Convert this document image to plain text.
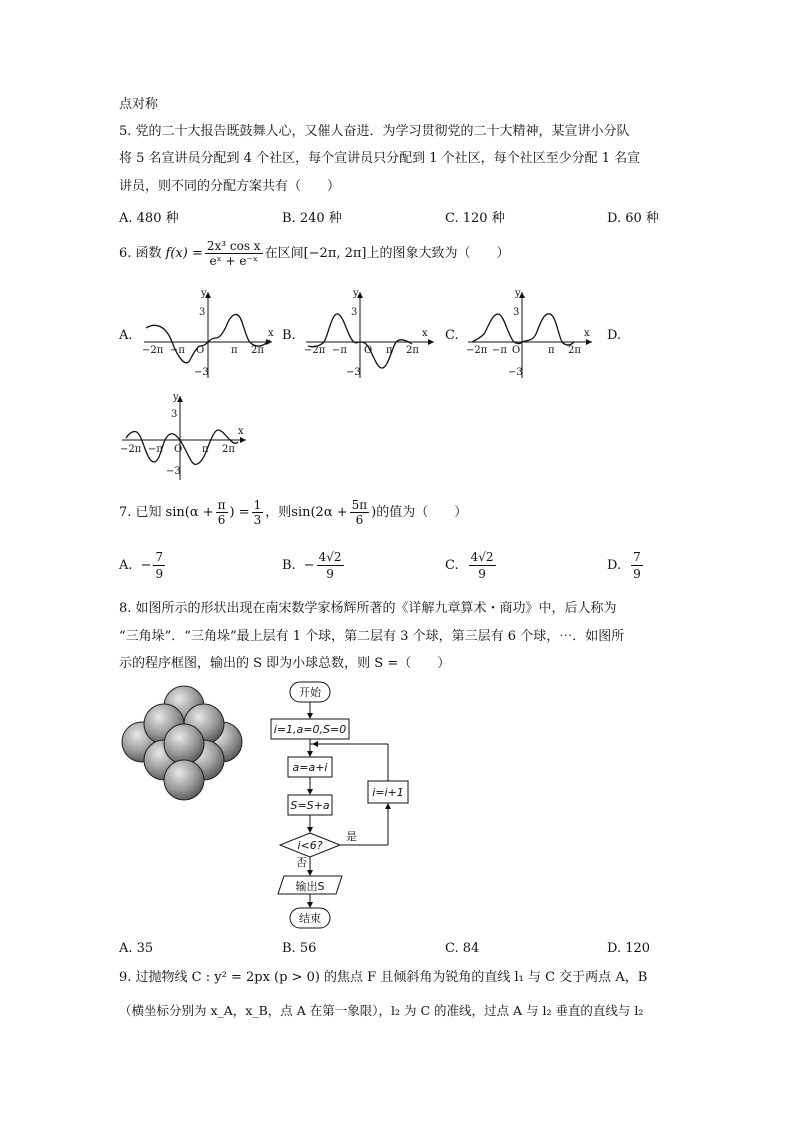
点对称
5. 党的二十大报告既鼓舞人心，又催人奋进．为学习贯彻党的二十大精神，某宣讲小分队
将 5 名宣讲员分配到 4 个社区，每个宣讲员只分配到 1 个社区，每个社区至少分配 1 名宣
讲员，则不同的分配方案共有（　　）
A. 480 种	B. 240 种	C. 120 种	D. 60 种
6. 函数 $f(x) = \frac{\text{2x³ cos x}}{\text{eˣ + e⁻ˣ}}$ 在区间[−2π, 2π]上的图象大致为（　　）
A.	B.	C.	D.
y
x
3
−3
O
−2π −π	π 2π
y
x
3
−3
O
−2π −π	π 2π
y
x
3
−3
O
−2π −π	π 2π
y
x
3
−3
O
−2π −π	π 2π
7. 已知 $\sin(\alpha + \frac{\pi}{6}$ ) = $\frac{1}{3}$ ，则 $\sin(2\alpha + \frac{5\pi}{6}$ ) 的值为（　　）
A. − $\frac{7}{9}$	B. − $\frac{4√2}{9}$	C. $\frac{4√2}{9}$	D. $\frac{7}{9}$
8. 如图所示的形状出现在南宋数学家杨辉所著的《详解九章算术・商功》中，后人称为
“三角垛”．“三角垛”最上层有 1 个球，第二层有 3 个球，第三层有 6 个球，⋯．如图所
示的程序框图，输出的 S 即为小球总数，则 S =（　　）
开始
i=1,a=0,S=0
a=a+i
i=i+1
S=S+a
i<6?
是
否
输出S
结束
A. 35	B. 56	C. 84	D. 120
9. 过抛物线 C : y² = 2px (p > 0) 的焦点 F 且倾斜角为锐角的直线 l₁ 与 C 交于两点 A，B
（横坐标分别为 x_A，x_B，点 A 在第一象限），l₂ 为 C 的准线，过点 A 与 l₂ 垂直的直线与 l₂
